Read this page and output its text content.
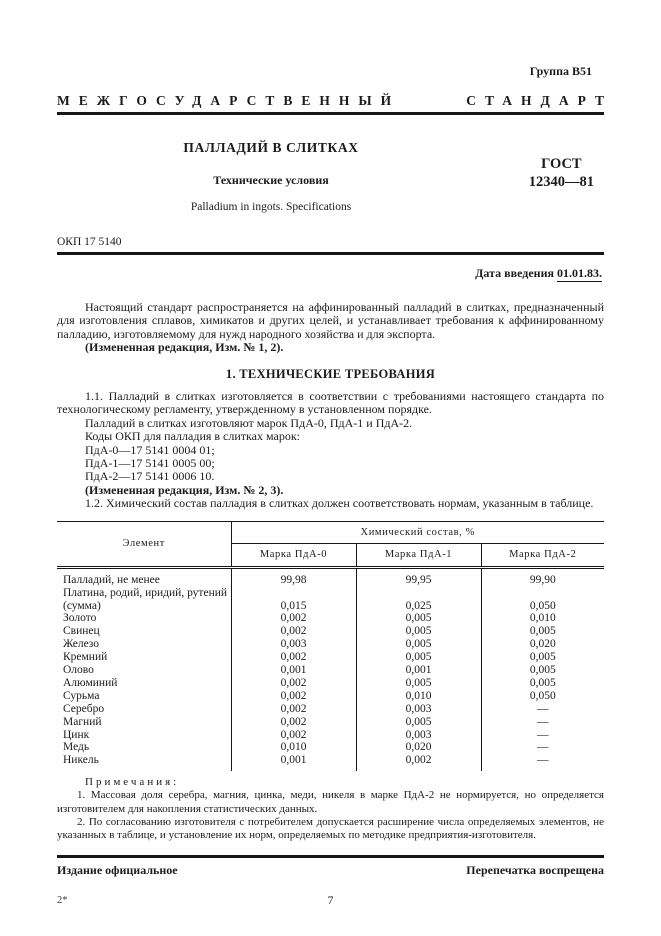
Группа В51
МЕЖГОСУДАРСТВЕННЫЙ	СТАНДАРТ
ПАЛЛАДИЙ В СЛИТКАХ
Технические условия
Palladium in ingots. Specifications
ГОСТ
12340—81
ОКП 17 5140
Дата введения 01.01.83.

Настоящий стандарт распространяется на аффинированный палладий в слитках, предназначенный для изготовления сплавов, химикатов и других целей, и устанавливает требования к аффинированному палладию, изготовляемому для нужд народного хозяйства и для экспорта.

(Измененная редакция, Изм. № 1, 2).

1. ТЕХНИЧЕСКИЕ ТРЕБОВАНИЯ

1.1. Палладий в слитках изготовляется в соответствии с требованиями настоящего стандарта по технологическому регламенту, утвержденному в установленном порядке.

Палладий в слитках изготовляют марок ПдА-0, ПдА-1 и ПдА-2.

Коды ОКП для палладия в слитках марок:

ПдА-0—17 5141 0004 01;

ПдА-1—17 5141 0005 00;

ПдА-2—17 5141 0006 10.

(Измененная редакция, Изм. № 2, 3).

1.2. Химический состав палладия в слитках должен соответствовать нормам, указанным в таблице.

Элемент	Химический состав, %		
	Марка ПдА-0	Марка ПдА-1	Марка ПдА-2
Палладий, не менее	99,98	99,95	99,90
Платина, родий, иридий, рутений (сумма)	0,015	0,025	0,050
Золото	0,002	0,005	0,010
Свинец	0,002	0,005	0,005
Железо	0,003	0,005	0,020
Кремний	0,002	0,005	0,005
Олово	0,001	0,001	0,005
Алюминий	0,002	0,005	0,005
Сурьма	0,002	0,010	0,050
Серебро	0,002	0,003	—
Магний	0,002	0,005	—
Цинк	0,002	0,003	—
Медь	0,010	0,020	—
Никель	0,001	0,002	—

Примечания:

1. Массовая доля серебра, магния, цинка, меди, никеля в марке ПдА-2 не нормируется, но определяется изготовителем для накопления статистических данных.

2. По согласованию изготовителя с потребителем допускается расширение числа определяемых элементов, не указанных в таблице, и установление их норм, определяемых по методике предприятия-изготовителя.

Издание официальное	Перепечатка воспрещена
2*	7
